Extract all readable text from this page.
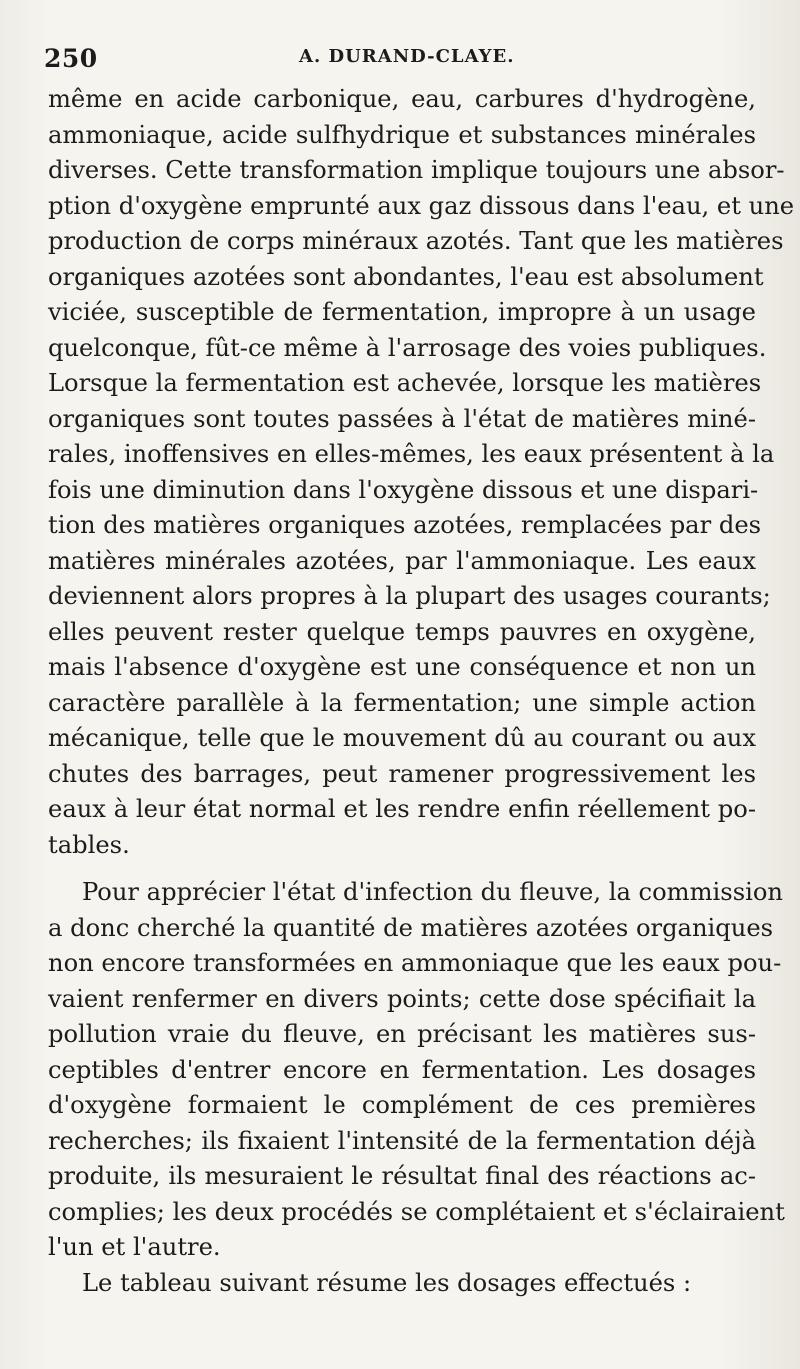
250	A. DURAND-CLAYE.
même en acide carbonique, eau, carbures d'hydrogène,
ammoniaque, acide sulfhydrique et substances minérales
diverses. Cette transformation implique toujours une absor-
ption d'oxygène emprunté aux gaz dissous dans l'eau, et une
production de corps minéraux azotés. Tant que les matières
organiques azotées sont abondantes, l'eau est absolument
viciée, susceptible de fermentation, impropre à un usage
quelconque, fût-ce même à l'arrosage des voies publiques.
Lorsque la fermentation est achevée, lorsque les matières
organiques sont toutes passées à l'état de matières miné-
rales, inoffensives en elles-mêmes, les eaux présentent à la
fois une diminution dans l'oxygène dissous et une dispari-
tion des matières organiques azotées, remplacées par des
matières minérales azotées, par l'ammoniaque. Les eaux
deviennent alors propres à la plupart des usages courants;
elles peuvent rester quelque temps pauvres en oxygène,
mais l'absence d'oxygène est une conséquence et non un
caractère parallèle à la fermentation; une simple action
mécanique, telle que le mouvement dû au courant ou aux
chutes des barrages, peut ramener progressivement les
eaux à leur état normal et les rendre enfin réellement po-
tables.
Pour apprécier l'état d'infection du fleuve, la commission
a donc cherché la quantité de matières azotées organiques
non encore transformées en ammoniaque que les eaux pou-
vaient renfermer en divers points; cette dose spécifiait la
pollution vraie du fleuve, en précisant les matières sus-
ceptibles d'entrer encore en fermentation. Les dosages
d'oxygène formaient le complément de ces premières
recherches; ils fixaient l'intensité de la fermentation déjà
produite, ils mesuraient le résultat final des réactions ac-
complies; les deux procédés se complétaient et s'éclairaient
l'un et l'autre.
Le tableau suivant résume les dosages effectués :
